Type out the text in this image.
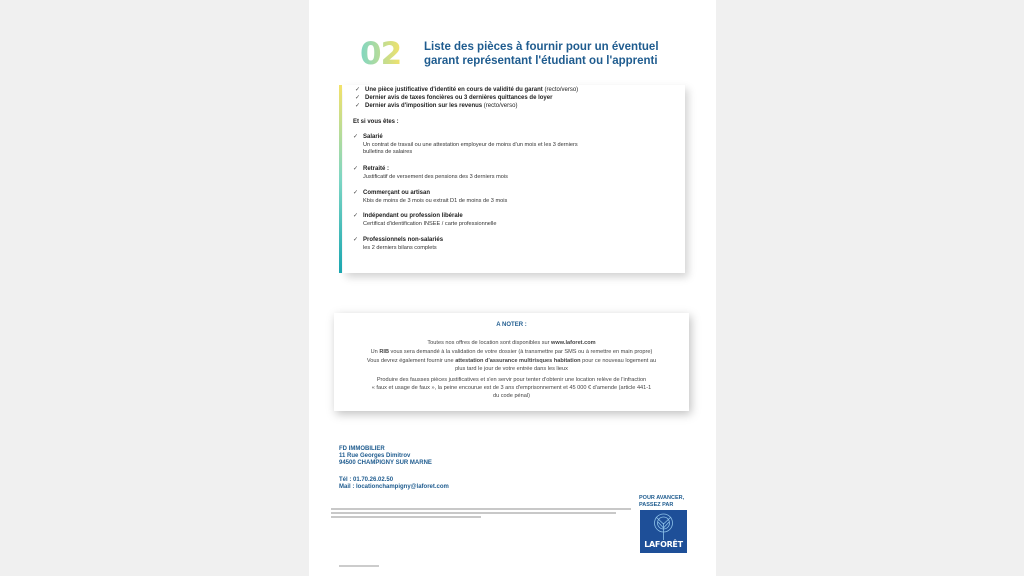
02 Liste des pièces à fournir pour un éventuel
garant représentant l'étudiant ou l'apprenti
✓ Une pièce justificative d'identité en cours de validité du garant (recto/verso)
✓ Dernier avis de taxes foncières ou 3 dernières quittances de loyer
✓ Dernier avis d'imposition sur les revenus (recto/verso)
Et si vous êtes :
✓ Salarié
Un contrat de travail ou une attestation employeur de moins d'un mois et les 3 derniers
bulletins de salaires
✓ Retraité :
Justificatif de versement des pensions des 3 derniers mois
✓ Commerçant ou artisan
Kbis de moins de 3 mois ou extrait D1 de moins de 3 mois
✓ Indépendant ou profession libérale
Certificat d'identification INSEE / carte professionnelle
✓ Professionnels non-salariés
les 2 derniers bilans complets
A NOTER :
Toutes nos offres de location sont disponibles sur www.laforet.com
Un RIB vous sera demandé à la validation de votre dossier (à transmettre par SMS ou à remettre en main propre)
Vous devrez également fournir une attestation d'assurance multirisques habitation pour ce nouveau logement au
plus tard le jour de votre entrée dans les lieux
Produire des fausses pièces justificatives et s'en servir pour tenter d'obtenir une location relève de l'infraction
« faux et usage de faux », la peine encourue est de 3 ans d'emprisonnement et 45 000 € d'amende (article 441-1
du code pénal)
FD IMMOBILIER
11 Rue Georges Dimitrov
94500 CHAMPIGNY SUR MARNE
Tél : 01.70.26.02.50
Mail : locationchampigny@laforet.com
POUR AVANCER,
PASSEZ PAR
LAFORÊT
